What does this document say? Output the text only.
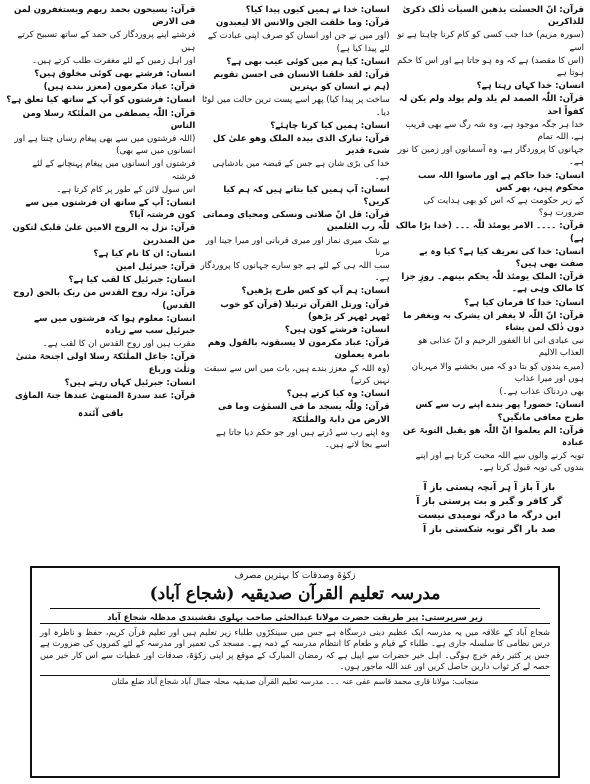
قرآن: انّ الحسنٰت یذھبن السیاٰت ذٰلک ذکریٰ للذاکرین

(سورہ مریم) خدا جب کسی کو کام کرنا چاہتا ہے تو اسے

(اس کا مقصد) ہے کہ وہ ہو جاتا ہے اور اس کا حکم ہوتا ہے

انسان: خدا کہاں رہتا ہے؟

قرآن: اللّٰہ الصمد لم یلد ولم یولد ولم یکن لہ کفواً احد

خدا ہر جگہ موجود ہے، وہ شہ رگ سے بھی قریب ہے، اللہ تمام

جہانوں کا پروردگار ہے، وہ آسمانوں اور زمین کا نور ہے۔

انسان: خدا حاکم ہے اور ماسوا اللہ سب محکوم ہیں، پھر کس

کے زیر حکومت ہے کہ اس کو بھی ہدایت کی ضرورت ہو؟

قرآن: ۔۔۔۔ الامر یومئذ للّٰہ ۔۔۔ (خدا بڑا مالک ہے)

انسان: خدا کی تعریف کیا ہے؟ کیا وہ بے صفت بھی ہیں؟

قرآن: الملک یومئذ للّٰہ یحکم بینھم۔ روزِ جزا کا مالک وہی ہے۔

انسان: خدا کا فرمان کیا ہے؟

قرآن: انّ اللّٰہ لا یغفر ان یشرک بہ ویغفر ما دون ذٰلک لمن یشاء

نبی عبادی انی انا الغفور الرحیم و انّ عذابی ھو العذاب الالیم

(میرے بندوں کو بتا دو کہ میں بخشنے والا مہربان ہوں اور میرا عذاب

بھی دردناک عذاب ہے۔)

انسان: حضور! پھر بندے اپنے رب سے کس طرح معافی مانگیں؟

قرآن: الم یعلموا انّ اللّٰہ ھو یقبل التوبۃ عن عبادہ

توبہ کرنے والوں سے اللہ محبت کرتا ہے اور اپنے بندوں کی توبہ قبول کرتا ہے۔

باز آ باز آ ہر آنچہ ہستی باز آ
گر کافر و گبر و بت پرستی باز آ
این درگہ ما درگہ نومیدی نیست
صد بار اگر توبہ شکستی باز آ

انسان: خدا نے ہمیں کیوں پیدا کیا؟

قرآن: وما خلقت الجن والانس الا لیعبدون

(اور میں نے جن اور انسان کو صرف اپنی عبادت کے لئے پیدا کیا ہے)

انسان: کیا ہم میں کوئی عیب بھی ہے؟

قرآن: لقد خلقنا الانسان فی احسن تقویم (ہم نے انسان کو بہترین

ساخت پر پیدا کیا) پھر اسے پست ترین حالت میں لوٹا دیا۔

انسان: ہمیں کیا کرنا چاہئے؟

قرآن: تبارک الذی بیدہ الملک وھو علیٰ کل شیء قدیر

خدا کی بڑی شان ہے جس کے قبضہ میں بادشاہی ہے۔

انسان: آپ ہمیں کیا بتاتے ہیں کہ ہم کیا کریں؟

قرآن: قل انّ صلاتی ونسکی ومحیای ومماتی للّٰہ رب العٰلمین

بے شک میری نماز اور میری قربانی اور میرا جینا اور مرنا

سب اللہ ہی کے لئے ہے جو سارے جہانوں کا پروردگار ہے۔

انسان: ہم آپ کو کس طرح پڑھیں؟

قرآن: ورتل القرآن ترتیلا (قرآن کو خوب ٹھہر ٹھہر کر پڑھو)

انسان: فرشتے کون ہیں؟

قرآن: عباد مکرمون لا یسبقونہ بالقول وھم بامرہ یعملون

(وہ اللہ کے معزز بندے ہیں، بات میں اس سے سبقت نہیں کرتے)

انسان: وہ کیا کرتے ہیں؟

قرآن: وللّٰہ یسجد ما فی السمٰوٰت وما فی الارض من دابۃ والملٰئکۃ

وہ اپنے رب سے ڈرتے ہیں اور جو حکم دیا جاتا ہے اسے بجا لاتے ہیں۔

قرآن: یسبحون بحمد ربھم ویستغفرون لمن فی الارض

فرشتے اپنے پروردگار کی حمد کے ساتھ تسبیح کرتے ہیں

اور اہل زمین کے لئے مغفرت طلب کرتے ہیں۔

انسان: فرشتے بھی کوئی مخلوق ہیں؟

قرآن: عباد مکرمون (معزز بندے ہیں)

انسان: فرشتوں کو آپ کے ساتھ کیا تعلق ہے؟

قرآن: اللّٰہ یصطفی من الملٰئکۃ رسلا ومن الناس

(اللہ فرشتوں میں سے بھی پیغام رساں چنتا ہے اور انسانوں میں سے بھی)

فرشتوں اور انسانوں میں پیغام پہنچانے کے لئے فرشتہ

اس سول لائن کے طور پر کام کرتا ہے۔

انسان: آپ کے ساتھ ان فرشتوں میں سے کون فرشتہ آیا؟

قرآن: نزل بہ الروح الامین علیٰ قلبک لتکون من المنذرین

انسان: ان کا نام کیا ہے؟

قرآن: جبرئیل امین

انسان: جبرئیل کا لقب کیا ہے؟

قرآن: نزلہ روح القدس من ربک بالحق (روح القدس)

انسان: معلوم ہوا کہ فرشتوں میں سے جبرئیل سب سے زیادہ

مقرب ہیں اور روح القدس ان کا لقب ہے۔

قرآن: جاعل الملٰئکۃ رسلا اولی اجنحۃ مثنیٰ وثلٰث ورباع

انسان: جبرئیل کہاں رہتے ہیں؟

قرآن: عند سدرۃ المنتھیٰ عندھا جنۃ الماوٰی

باقی آئندہ
زکوٰۃ وصدقات کا بہترین مصرف
مدرسہ تعلیم القرآن صدیقیہ (شجاع آباد)
زیر سرپرستی: پیر طریقت حضرت مولانا عبدالحئی صاحب بہلوی نقشبندی مدظلہ شجاع آباد
شجاع آباد کے علاقہ میں یہ مدرسہ ایک عظیم دینی درسگاہ ہے جس میں سینکڑوں طلباء زیر تعلیم ہیں اور تعلیم قرآن کریم، حفظ و ناظرہ اور درس نظامی کا سلسلہ جاری ہے۔ طلباء کے قیام و طعام کا انتظام مدرسہ کے ذمہ ہے۔ مسجد کی تعمیر اور مدرسہ کے لئے کمروں کی ضرورت ہے جس پر کثیر رقم خرچ ہوگی۔ اہل خیر حضرات سے اپیل ہے کہ رمضان المبارک کے موقع پر اپنی زکوٰۃ، صدقات اور عطیات سے اس کار خیر میں حصہ لے کر ثواب دارین حاصل کریں اور عند اللہ ماجور ہوں۔
منجانب: مولانا قاری محمد قاسم عفی عنہ ۔۔۔ مدرسہ تعلیم القرآن صدیقیہ محلہ جمال آباد شجاع آباد ضلع ملتان
